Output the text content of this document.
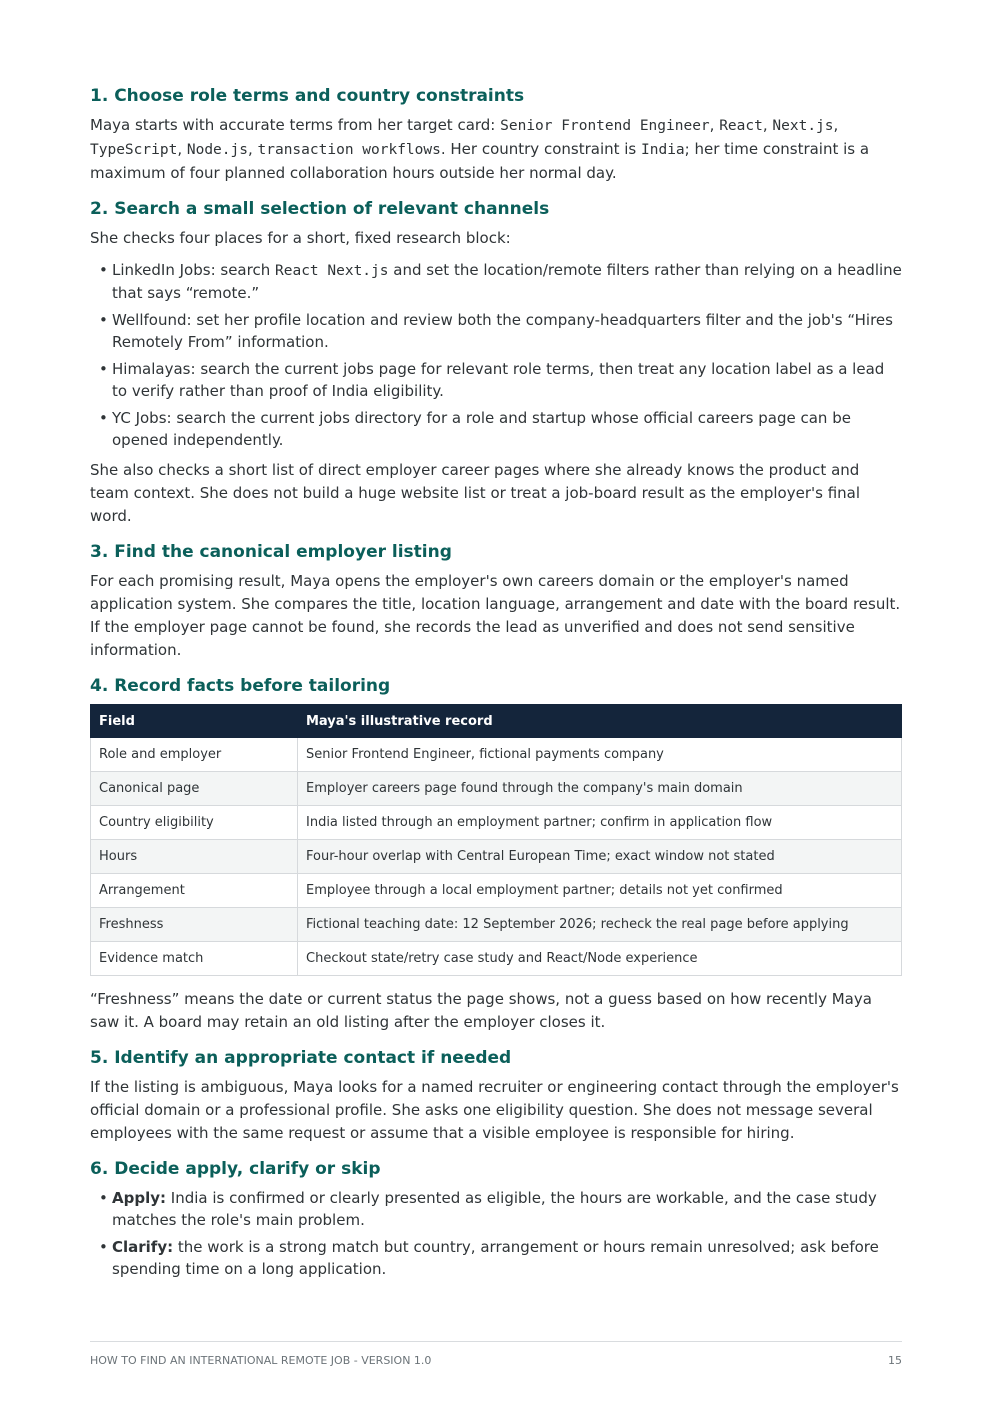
1. Choose role terms and country constraints

Maya starts with accurate terms from her target card: Senior Frontend Engineer, React, Next.js, TypeScript, Node.js, transaction workflows. Her country constraint is India; her time constraint is a maximum of four planned collaboration hours outside her normal day.

2. Search a small selection of relevant channels

She checks four places for a short, fixed research block:

• LinkedIn Jobs: search React Next.js and set the location/remote filters rather than relying on a headline that says “remote.”
• Wellfound: set her profile location and review both the company-headquarters filter and the job's “Hires Remotely From” information.
• Himalayas: search the current jobs page for relevant role terms, then treat any location label as a lead to verify rather than proof of India eligibility.
• YC Jobs: search the current jobs directory for a role and startup whose official careers page can be opened independently.

She also checks a short list of direct employer career pages where she already knows the product and team context. She does not build a huge website list or treat a job-board result as the employer's final word.

3. Find the canonical employer listing

For each promising result, Maya opens the employer's own careers domain or the employer's named application system. She compares the title, location language, arrangement and date with the board result. If the employer page cannot be found, she records the lead as unverified and does not send sensitive information.

4. Record facts before tailoring
Field	Maya's illustrative record
Role and employer	Senior Frontend Engineer, fictional payments company
Canonical page	Employer careers page found through the company's main domain
Country eligibility	India listed through an employment partner; confirm in application flow
Hours	Four-hour overlap with Central European Time; exact window not stated
Arrangement	Employee through a local employment partner; details not yet confirmed
Freshness	Fictional teaching date: 12 September 2026; recheck the real page before applying
Evidence match	Checkout state/retry case study and React/Node experience

“Freshness” means the date or current status the page shows, not a guess based on how recently Maya saw it. A board may retain an old listing after the employer closes it.

5. Identify an appropriate contact if needed

If the listing is ambiguous, Maya looks for a named recruiter or engineering contact through the employer's official domain or a professional profile. She asks one eligibility question. She does not message several employees with the same request or assume that a visible employee is responsible for hiring.

6. Decide apply, clarify or skip
• Apply: India is confirmed or clearly presented as eligible, the hours are workable, and the case study matches the role's main problem.
• Clarify: the work is a strong match but country, arrangement or hours remain unresolved; ask before spending time on a long application.
HOW TO FIND AN INTERNATIONAL REMOTE JOB - VERSION 1.0	15
